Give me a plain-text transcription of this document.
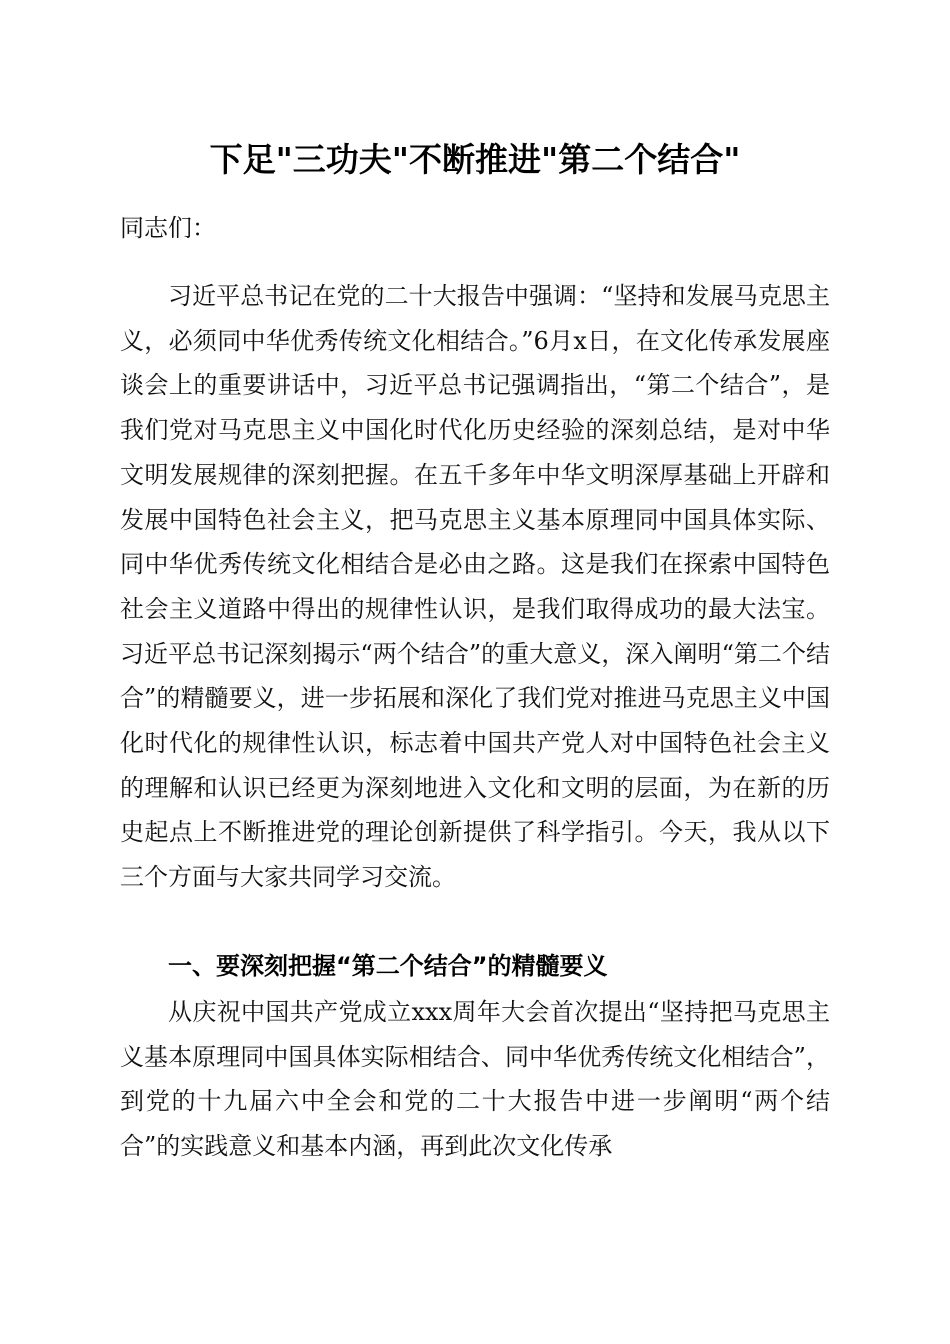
下足"三功夫"不断推进"第二个结合"
同志们：

习近平总书记在党的二十大报告中强调：“坚持和发展马克思主义，必须同中华优秀传统文化相结合。”6月x日，在文化传承发展座谈会上的重要讲话中，习近平总书记强调指出，“第二个结合”，是我们党对马克思主义中国化时代化历史经验的深刻总结，是对中华文明发展规律的深刻把握。在五千多年中华文明深厚基础上开辟和发展中国特色社会主义，把马克思主义基本原理同中国具体实际、同中华优秀传统文化相结合是必由之路。这是我们在探索中国特色社会主义道路中得出的规律性认识，是我们取得成功的最大法宝。习近平总书记深刻揭示“两个结合”的重大意义，深入阐明“第二个结合”的精髓要义，进一步拓展和深化了我们党对推进马克思主义中国化时代化的规律性认识，标志着中国共产党人对中国特色社会主义的理解和认识已经更为深刻地进入文化和文明的层面，为在新的历史起点上不断推进党的理论创新提供了科学指引。今天，我从以下三个方面与大家共同学习交流。

一、要深刻把握“第二个结合”的精髓要义

从庆祝中国共产党成立xxx周年大会首次提出“坚持把马克思主义基本原理同中国具体实际相结合、同中华优秀传统文化相结合”，到党的十九届六中全会和党的二十大报告中进一步阐明“两个结合”的实践意义和基本内涵，再到此次文化传承
